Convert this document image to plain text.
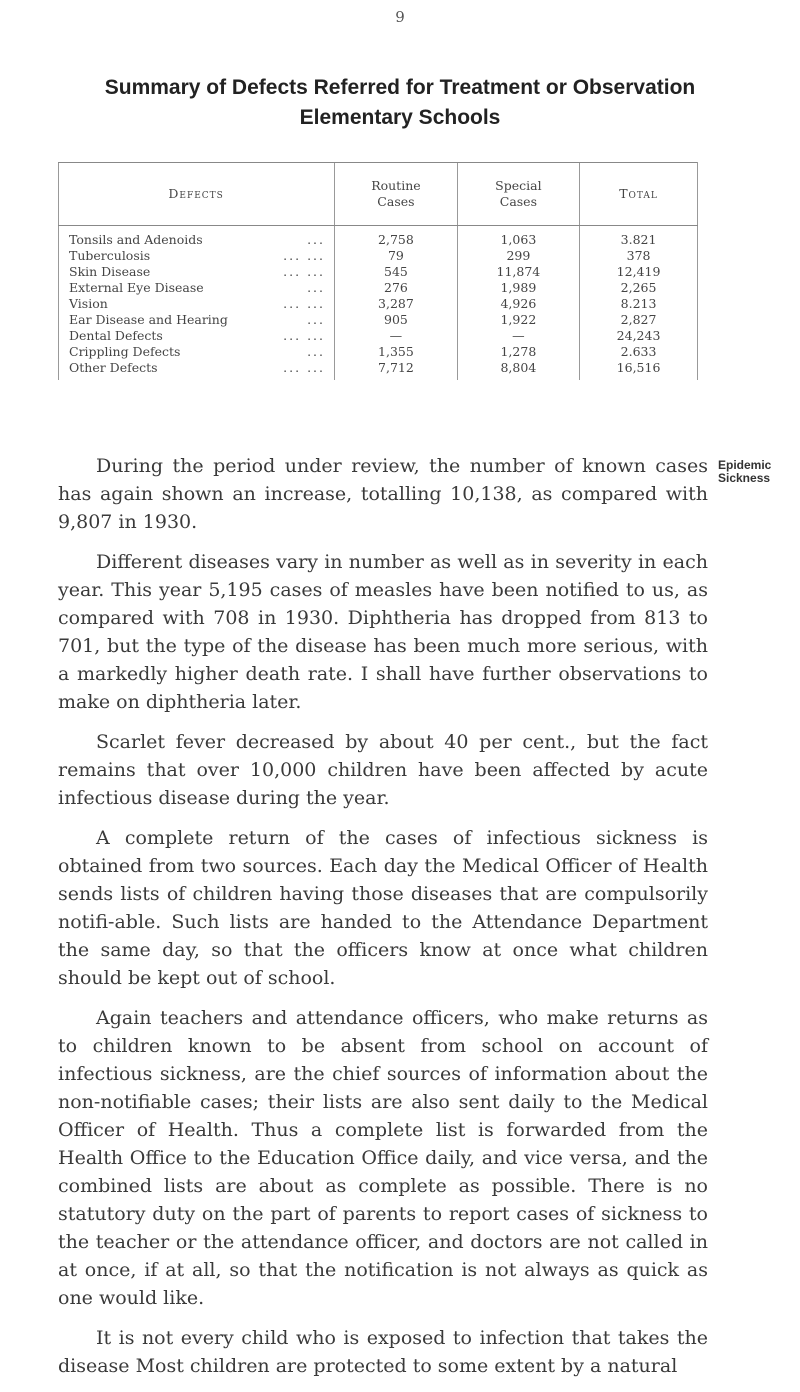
9
Summary of Defects Referred for Treatment or Observation
Elementary Schools
Defects	Routine Cases	Special Cases	Total
Tonsils and Adenoids ...	2,758	1,063	3.821
Tuberculosis ... ...	79	299	378
Skin Disease ... ...	545	11,874	12,419
External Eye Disease ...	276	1,989	2,265
Vision ... ...	3,287	4,926	8.213
Ear Disease and Hearing ...	905	1,922	2,827
Dental Defects ... ...	—	—	24,243
Crippling Defects ...	1,355	1,278	2.633
Other Defects ... ...	7,712	8,804	16,516
Epidemic Sickness

During the period under review, the number of known cases has again shown an increase, totalling 10,138, as compared with 9,807 in 1930.

Different diseases vary in number as well as in severity in each year. This year 5,195 cases of measles have been notified to us, as compared with 708 in 1930. Diphtheria has dropped from 813 to 701, but the type of the disease has been much more serious, with a markedly higher death rate. I shall have further observations to make on diphtheria later.

Scarlet fever decreased by about 40 per cent., but the fact remains that over 10,000 children have been affected by acute infectious disease during the year.

A complete return of the cases of infectious sickness is obtained from two sources. Each day the Medical Officer of Health sends lists of children having those diseases that are compulsorily notifi-able. Such lists are handed to the Attendance Department the same day, so that the officers know at once what children should be kept out of school.

Again teachers and attendance officers, who make returns as to children known to be absent from school on account of infectious sickness, are the chief sources of information about the non-notifiable cases; their lists are also sent daily to the Medical Officer of Health. Thus a complete list is forwarded from the Health Office to the Education Office daily, and vice versa, and the combined lists are about as complete as possible. There is no statutory duty on the part of parents to report cases of sickness to the teacher or the attendance officer, and doctors are not called in at once, if at all, so that the notification is not always as quick as one would like.

It is not every child who is exposed to infection that takes the disease Most children are protected to some extent by a natural
